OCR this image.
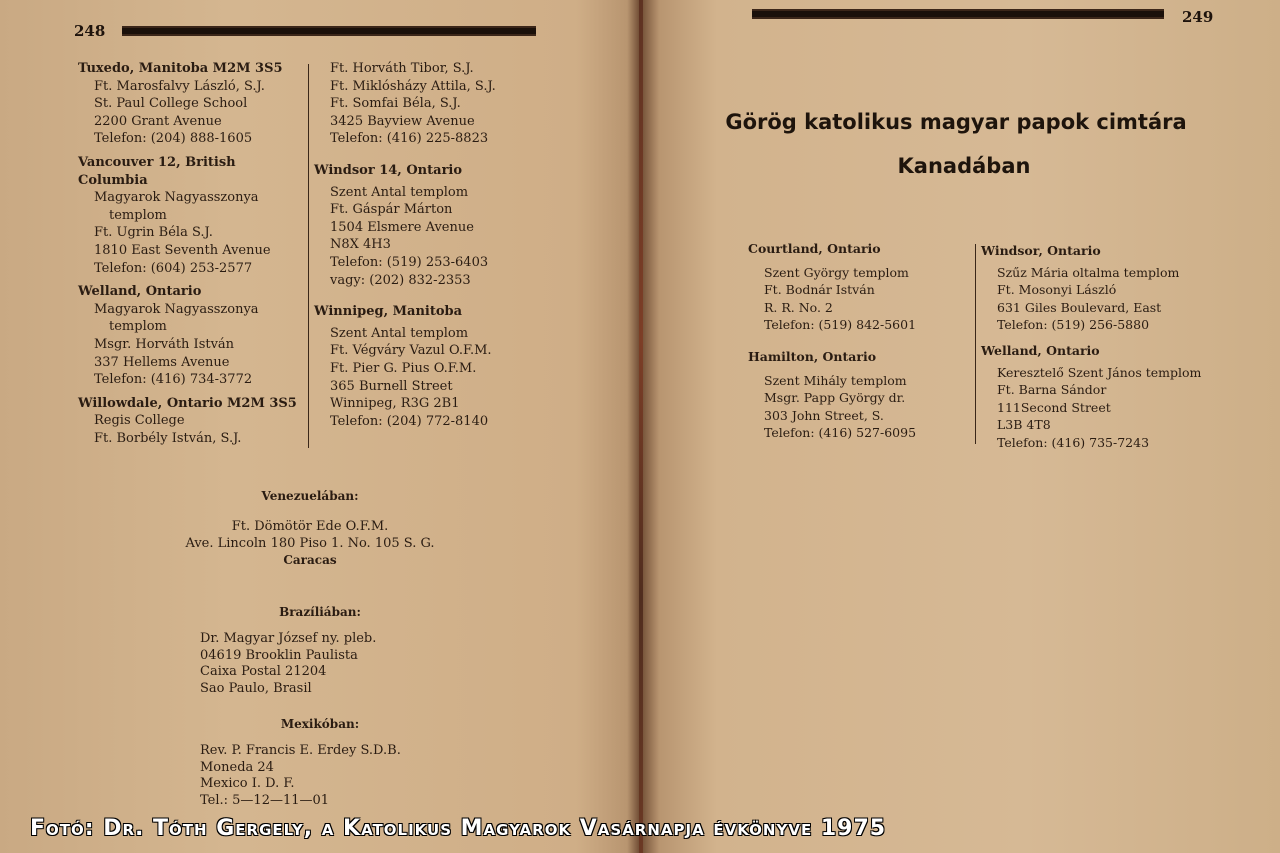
248
Tuxedo, Manitoba M2M 3S5
Ft. Marosfalvy László, S.J.
St. Paul College School
2200 Grant Avenue
Telefon: (204) 888-1605
Vancouver 12, British Columbia
Magyarok Nagyasszonya
templom
Ft. Ugrin Béla S.J.
1810 East Seventh Avenue
Telefon: (604) 253-2577
Welland, Ontario
Magyarok Nagyasszonya
templom
Msgr. Horváth István
337 Hellems Avenue
Telefon: (416) 734-3772
Willowdale, Ontario M2M 3S5
Regis College
Ft. Borbély István, S.J.
Ft. Horváth Tibor, S.J.
Ft. Miklósházy Attila, S.J.
Ft. Somfai Béla, S.J.
3425 Bayview Avenue
Telefon: (416) 225-8823
Windsor 14, Ontario
Szent Antal templom
Ft. Gáspár Márton
1504 Elsmere Avenue
N8X 4H3
Telefon: (519) 253-6403
vagy: (202) 832-2353
Winnipeg, Manitoba
Szent Antal templom
Ft. Végváry Vazul O.F.M.
Ft. Pier G. Pius O.F.M.
365 Burnell Street
Winnipeg, R3G 2B1
Telefon: (204) 772-8140
Venezuelában:
Ft. Dömötör Ede O.F.M.
Ave. Lincoln 180 Piso 1. No. 105 S. G.
Caracas
Brazíliában:
Dr. Magyar József ny. pleb.
04619 Brooklin Paulista
Caixa Postal 21204
Sao Paulo, Brasil
Mexikóban:
Rev. P. Francis E. Erdey S.D.B.
Moneda 24
Mexico I. D. F.
Tel.: 5—12—11—01
249
Görög katolikus magyar papok cimtára
Kanadában
Courtland, Ontario
Szent György templom
Ft. Bodnár István
R. R. No. 2
Telefon: (519) 842-5601
Hamilton, Ontario
Szent Mihály templom
Msgr. Papp György dr.
303 John Street, S.
Telefon: (416) 527-6095
Windsor, Ontario
Szűz Mária oltalma templom
Ft. Mosonyi László
631 Giles Boulevard, East
Telefon: (519) 256-5880
Welland, Ontario
Keresztelő Szent János templom
Ft. Barna Sándor
111Second Street
L3B 4T8
Telefon: (416) 735-7243
Fotó: Dr. Tóth Gergely, a Katolikus Magyarok Vasárnapja évkönyve 1975
